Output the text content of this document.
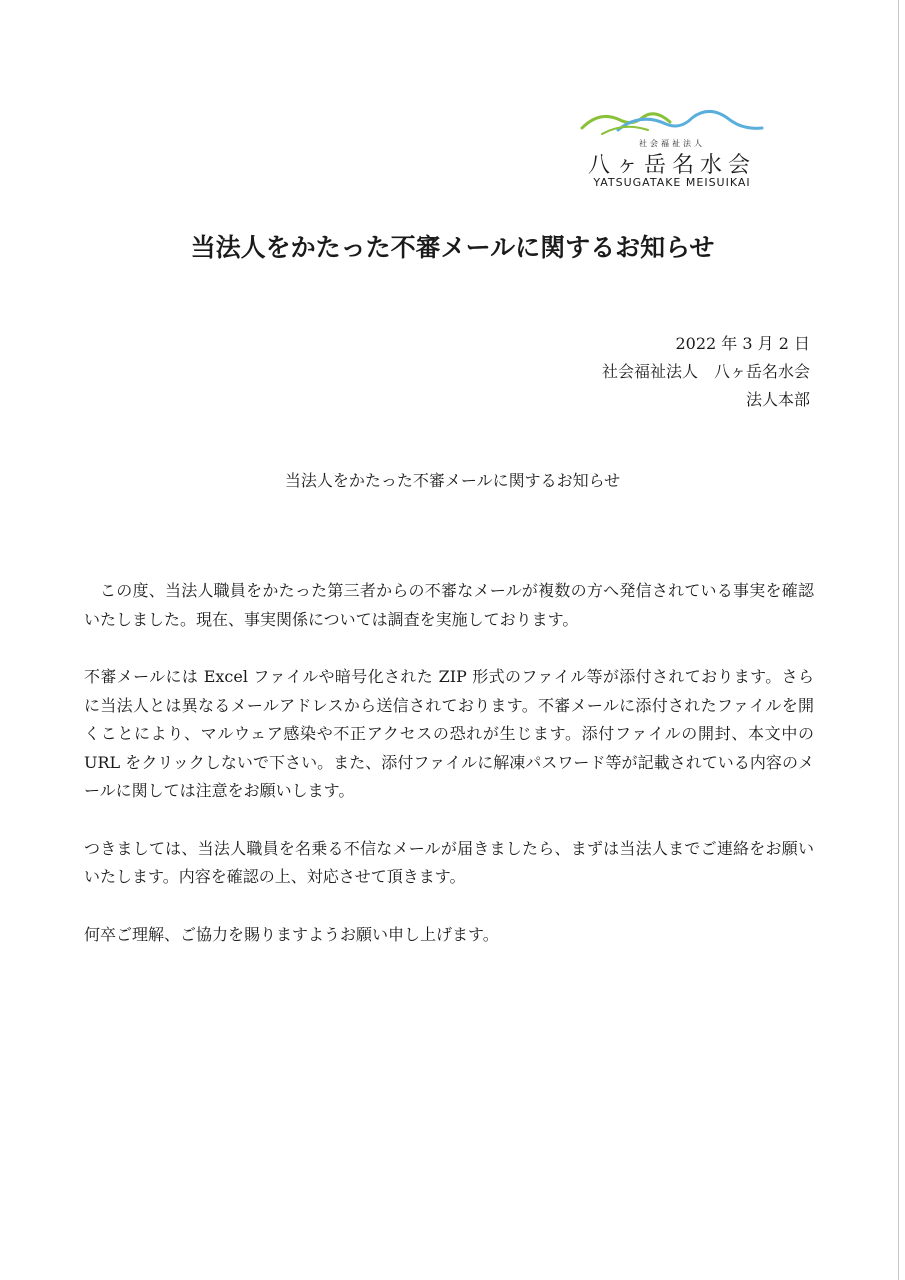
社会福祉法人
八ヶ岳名水会
YATSUGATAKE MEISUIKAI
当法人をかたった不審メールに関するお知らせ
2022 年 3 月 2 日
社会福祉法人　八ヶ岳名水会
法人本部
当法人をかたった不審メールに関するお知らせ

この度、当法人職員をかたった第三者からの不審なメールが複数の方へ発信されている事実を確認いたしました。現在、事実関係については調査を実施しております。

不審メールには Excel ファイルや暗号化された ZIP 形式のファイル等が添付されております。さらに当法人とは異なるメールアドレスから送信されております。不審メールに添付されたファイルを開くことにより、マルウェア感染や不正アクセスの恐れが生じます。添付ファイルの開封、本文中の URL をクリックしないで下さい。また、添付ファイルに解凍パスワード等が記載されている内容のメールに関しては注意をお願いします。

つきましては、当法人職員を名乗る不信なメールが届きましたら、まずは当法人までご連絡をお願いいたします。内容を確認の上、対応させて頂きます。

何卒ご理解、ご協力を賜りますようお願い申し上げます。
